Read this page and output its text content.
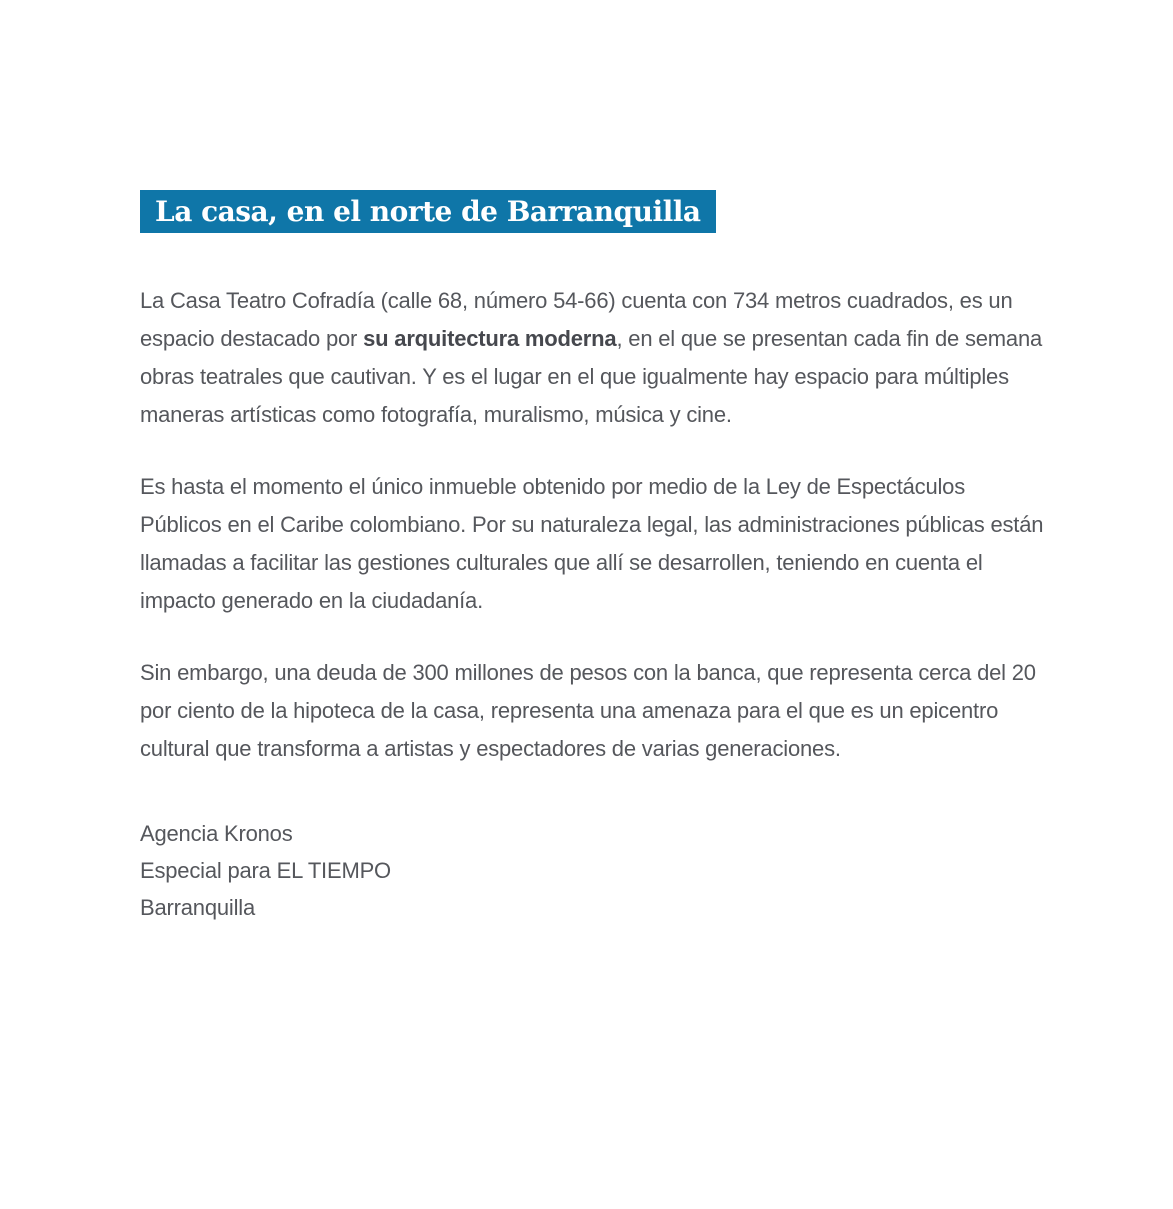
La casa, en el norte de Barranquilla

La Casa Teatro Cofradía (calle 68, número 54-66) cuenta con 734 metros cuadrados, es un espacio destacado por su arquitectura moderna, en el que se presentan cada fin de semana obras teatrales que cautivan. Y es el lugar en el que igualmente hay espacio para múltiples maneras artísticas como fotografía, muralismo, música y cine.

Es hasta el momento el único inmueble obtenido por medio de la Ley de Espectáculos Públicos en el Caribe colombiano. Por su naturaleza legal, las administraciones públicas están llamadas a facilitar las gestiones culturales que allí se desarrollen, teniendo en cuenta el impacto generado en la ciudadanía.

Sin embargo, una deuda de 300 millones de pesos con la banca, que representa cerca del 20 por ciento de la hipoteca de la casa, representa una amenaza para el que es un epicentro cultural que transforma a artistas y espectadores de varias generaciones.

Agencia Kronos
Especial para EL TIEMPO
Barranquilla
